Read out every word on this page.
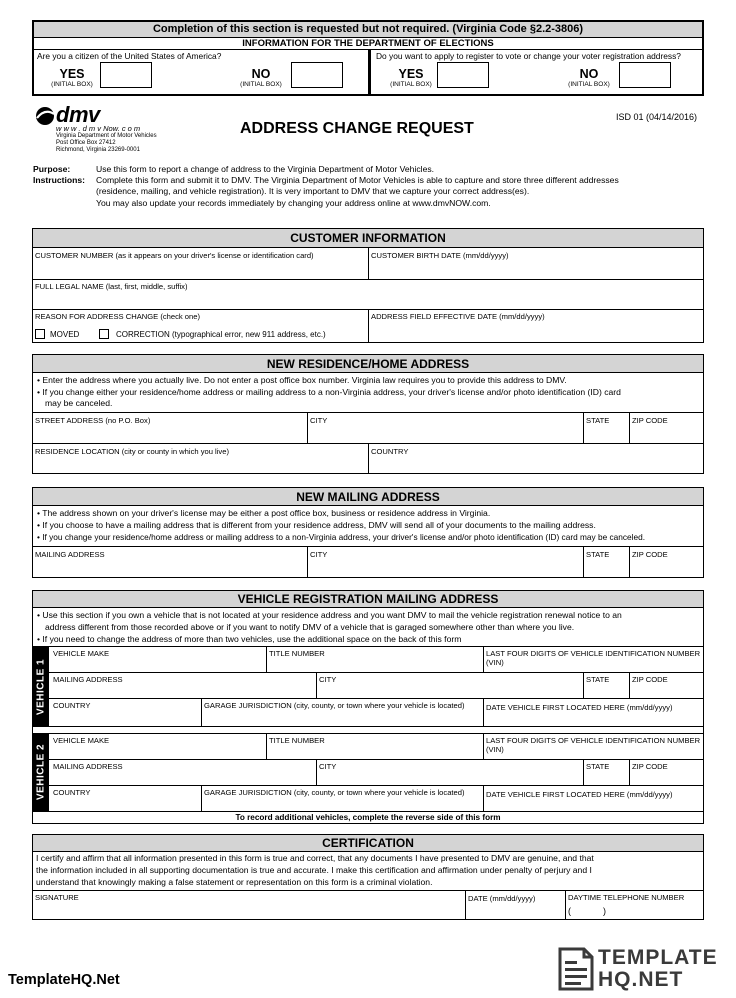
Completion of this section is requested but not required. (Virginia Code §2.2-3806)
INFORMATION FOR THE DEPARTMENT OF ELECTIONS
Are you a citizen of the United States of America?
YES
(INITIAL BOX)
NO
(INITIAL BOX)
Do you want to apply to register to vote or change your voter registration address?
YES
(INITIAL BOX)
NO
(INITIAL BOX)
dmv
w w w . d m v Now. c o m
Virginia Department of Motor Vehicles
Post Office Box 27412
Richmond, Virginia 23269-0001
ISD 01 (04/14/2016)
ADDRESS CHANGE REQUEST
Purpose:	Use this form to report a change of address to the Virginia Department of Motor Vehicles.
Instructions: Complete this form and submit it to DMV. The Virginia Department of Motor Vehicles is able to capture and store three different addresses
(residence, mailing, and vehicle registration). It is very important to DMV that we capture your correct address(es).
You may also update your records immediately by changing your address online at www.dmvNOW.com.
CUSTOMER INFORMATION
CUSTOMER NUMBER (as it appears on your driver's license or identification card)	CUSTOMER BIRTH DATE (mm/dd/yyyy)
FULL LEGAL NAME (last, first, middle, suffix)
REASON FOR ADDRESS CHANGE (check one)
MOVED	CORRECTION (typographical error, new 911 address, etc.)
ADDRESS FIELD EFFECTIVE DATE (mm/dd/yyyy)
NEW RESIDENCE/HOME ADDRESS
• Enter the address where you actually live. Do not enter a post office box number. Virginia law requires you to provide this address to DMV.
• If you change either your residence/home address or mailing address to a non-Virginia address, your driver's license and/or photo identification (ID) card
may be canceled.
STREET ADDRESS (no P.O. Box)	CITY	STATE	ZIP CODE
RESIDENCE LOCATION (city or county in which you live)	COUNTRY
NEW MAILING ADDRESS
• The address shown on your driver's license may be either a post office box, business or residence address in Virginia.
• If you choose to have a mailing address that is different from your residence address, DMV will send all of your documents to the mailing address.
• If you change your residence/home address or mailing address to a non-Virginia address, your driver's license and/or photo identification (ID) card may be canceled.
MAILING ADDRESS	CITY	STATE	ZIP CODE
VEHICLE REGISTRATION MAILING ADDRESS
• Use this section if you own a vehicle that is not located at your residence address and you want DMV to mail the vehicle registration renewal notice to an
address different from those recorded above or if you want to notify DMV of a vehicle that is garaged somewhere other than where you live.
• If you need to change the address of more than two vehicles, use the additional space on the back of this form
VEHICLE 1
VEHICLE MAKE	TITLE NUMBER	LAST FOUR DIGITS OF VEHICLE IDENTIFICATION NUMBER (VIN)
MAILING ADDRESS	CITY	STATE	ZIP CODE
COUNTRY	GARAGE JURISDICTION (city, county, or town where your vehicle is located)	DATE VEHICLE FIRST LOCATED HERE (mm/dd/yyyy)
VEHICLE 2
VEHICLE MAKE	TITLE NUMBER	LAST FOUR DIGITS OF VEHICLE IDENTIFICATION NUMBER (VIN)
MAILING ADDRESS	CITY	STATE	ZIP CODE
COUNTRY	GARAGE JURISDICTION (city, county, or town where your vehicle is located)	DATE VEHICLE FIRST LOCATED HERE (mm/dd/yyyy)
To record additional vehicles, complete the reverse side of this form
CERTIFICATION
I certify and affirm that all information presented in this form is true and correct, that any documents I have presented to DMV are genuine, and that
the information included in all supporting documentation is true and accurate. I make this certification and affirmation under penalty of perjury and I
understand that knowingly making a false statement or representation on this form is a criminal violation.
SIGNATURE	DATE (mm/dd/yyyy)	DAYTIME TELEPHONE NUMBER
(	)
TemplateHQ.Net
TEMPLATE
HQ.NET
